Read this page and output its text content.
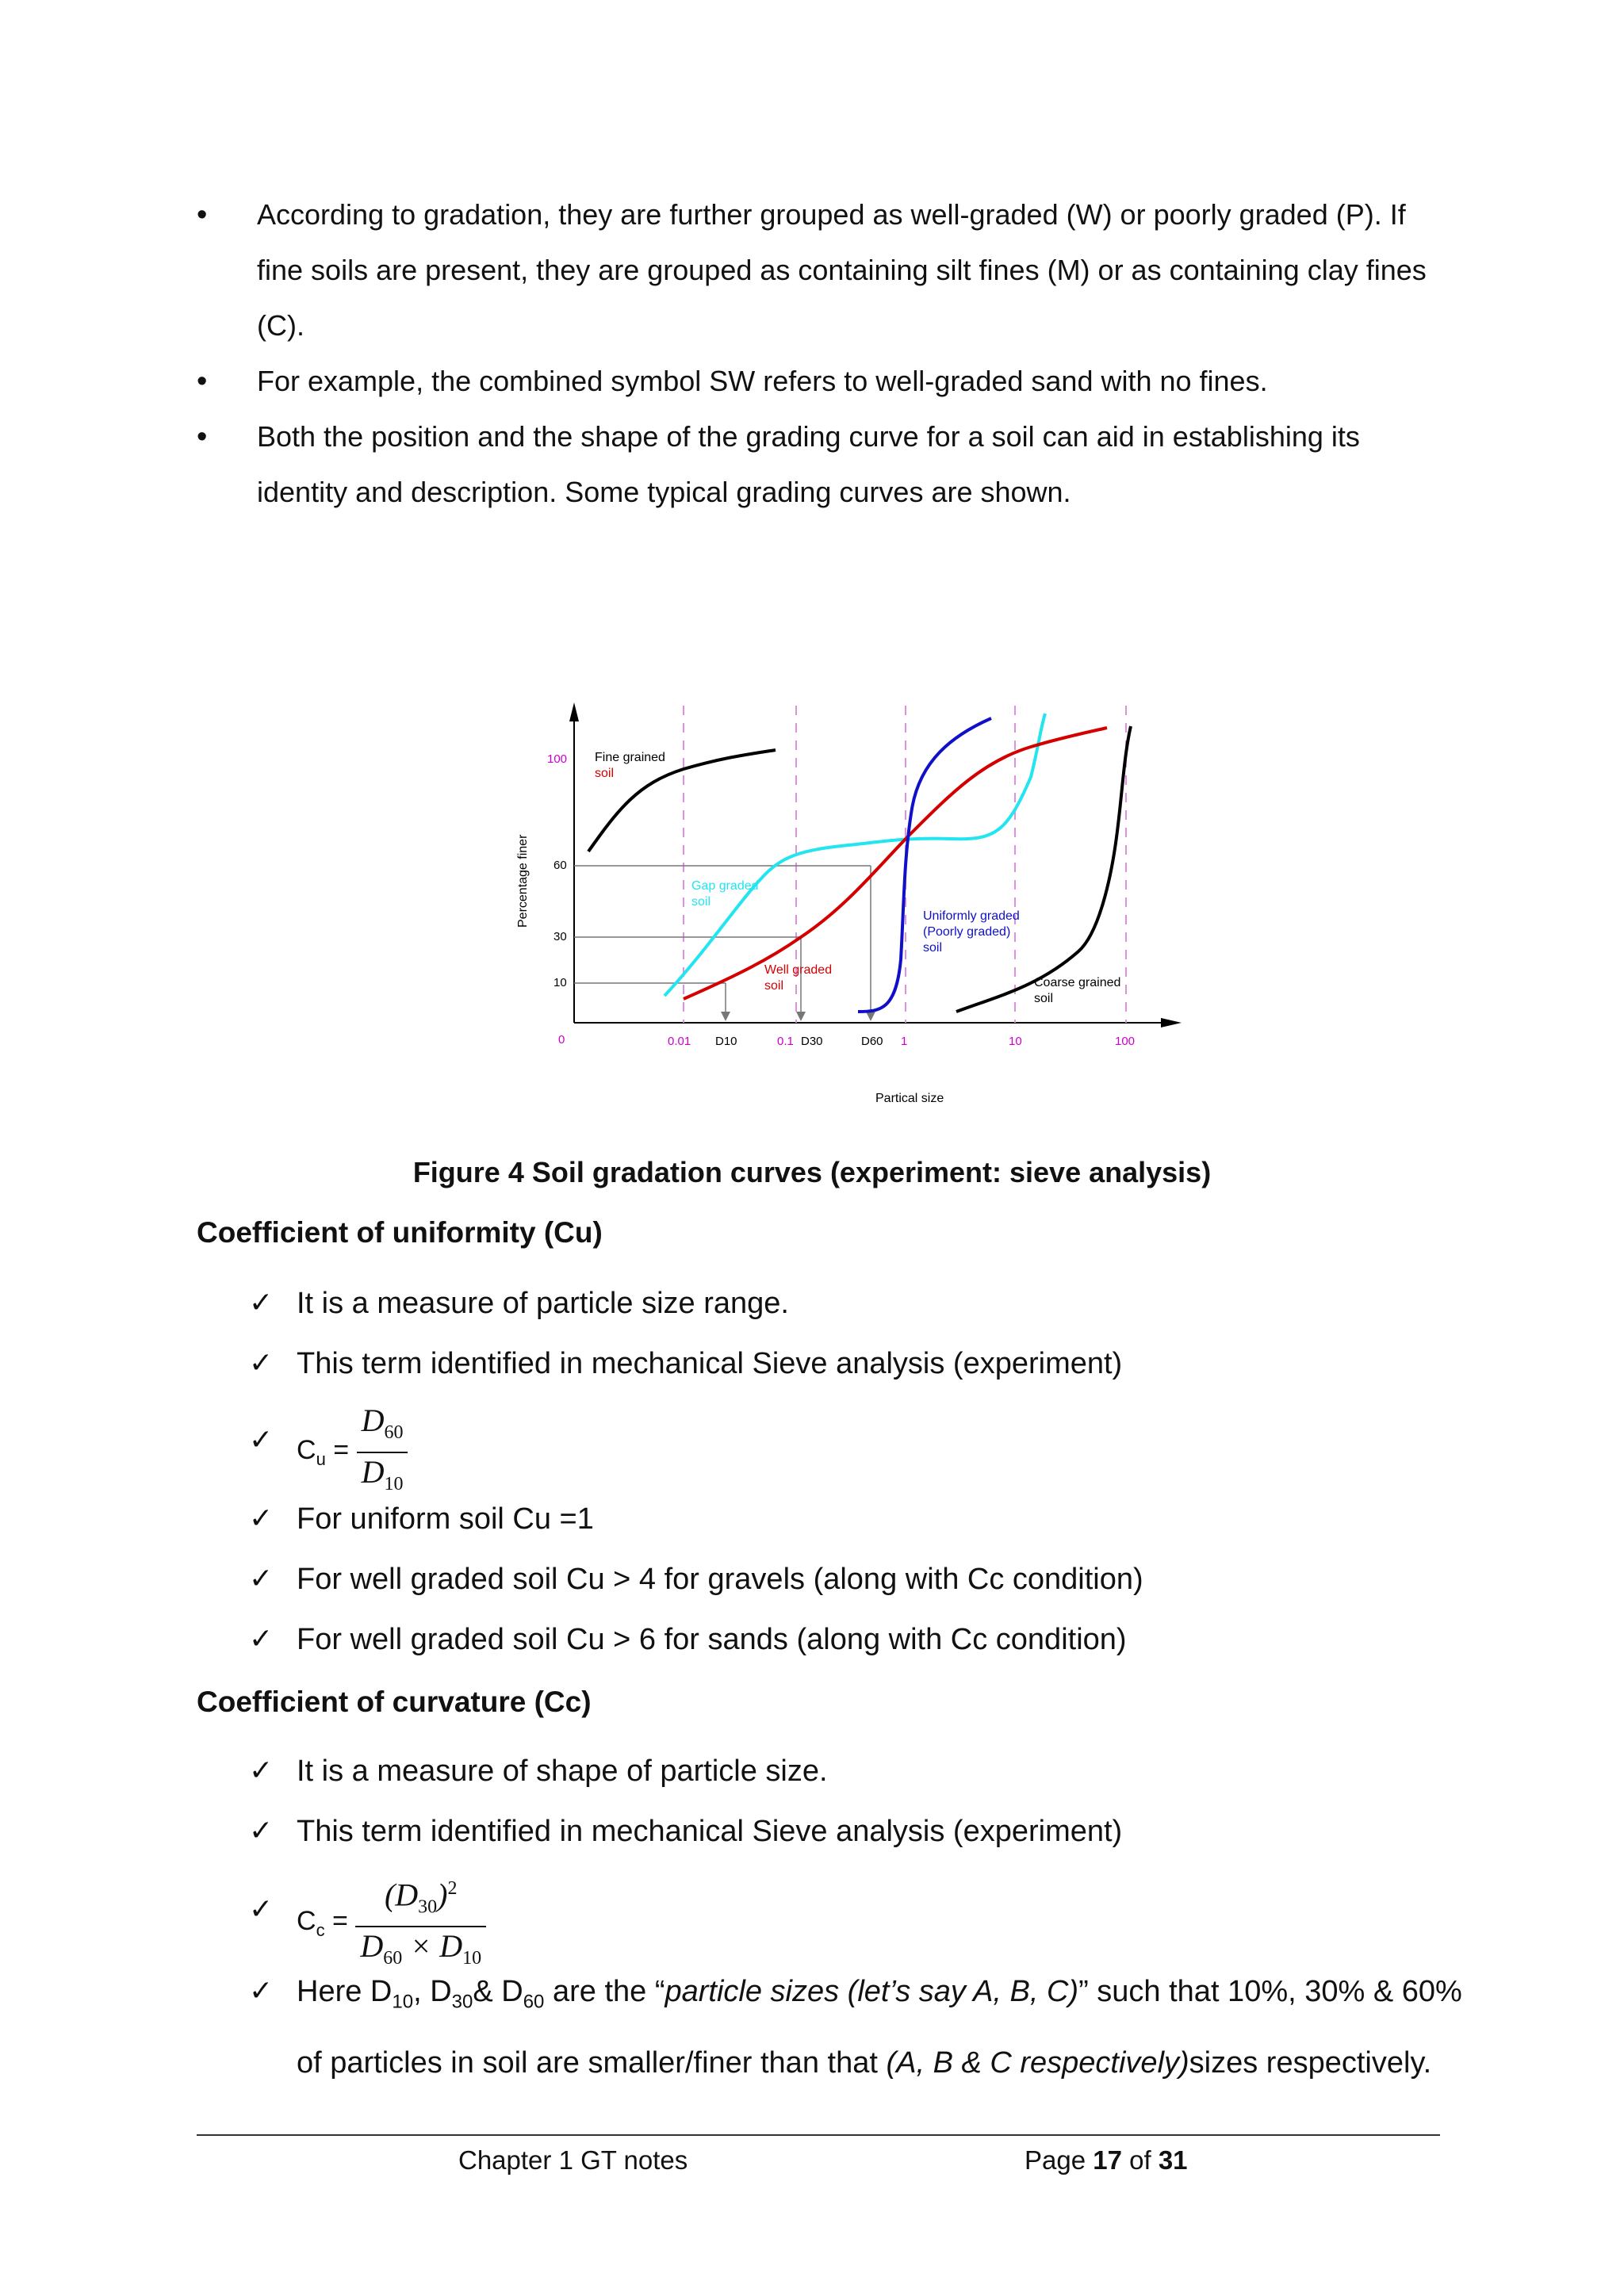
•
According to gradation, they are further grouped as well-graded (W) or poorly graded (P). If fine soils are present, they are grouped as containing silt fines (M) or as containing clay fines (C).
•
For example, the combined symbol SW refers to well-graded sand with no fines.
•
Both the position and the shape of the grading curve for a soil can aid in establishing its identity and description. Some typical grading curves are shown.
100
60
30
10
0	0.01 D10	0.1 D30	D60 1	10	100
Partical size
Percentage finer
Fine grained
soil
Gap graded
soil
Well graded
soil
Uniformly graded
(Poorly graded)
soil
Coarse grained
soil
Figure 4 Soil gradation curves (experiment: sieve analysis)
Coefficient of uniformity (Cu)
✓ It is a measure of particle size range.
✓ This term identified in mechanical Sieve analysis (experiment)
✓ $C_u = \frac{D_{60}}{D_{10}}$
✓ For uniform soil Cu =1
✓ For well graded soil Cu > 4 for gravels (along with Cc condition)
✓ For well graded soil Cu > 6 for sands (along with Cc condition)
Coefficient of curvature (Cc)
✓ It is a measure of shape of particle size.
✓ This term identified in mechanical Sieve analysis (experiment)
✓ $C_c = \frac{(D_{30})^2}{D_{60} \times D_{10}}$
✓ Here $D_{10}$, $D_{30}\&$ $D_{60}$ are the “particle sizes (let’s say A, B, C)” such that 10%, 30% & 60% of particles in soil are smaller/finer than that (A, B & C respectively)sizes respectively.
Chapter 1 GT notes	Page 17 of 31
